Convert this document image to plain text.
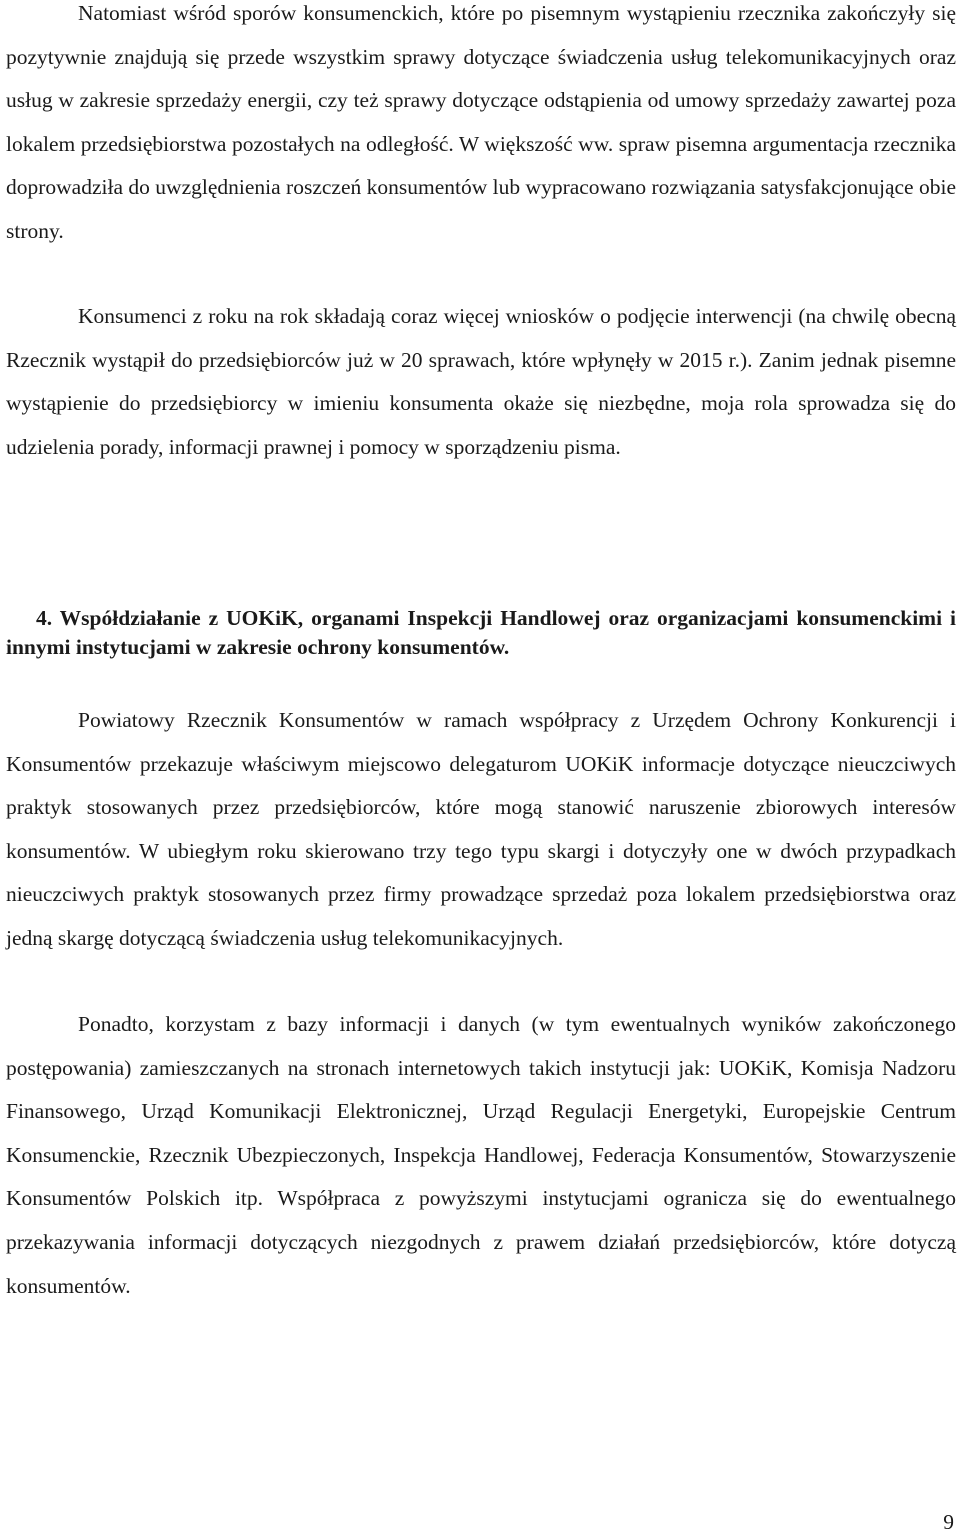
Natomiast wśród sporów konsumenckich, które po pisemnym wystąpieniu rzecznika zakończyły się pozytywnie znajdują się przede wszystkim sprawy dotyczące świadczenia usług telekomunikacyjnych oraz usług w zakresie sprzedaży energii, czy też sprawy dotyczące odstąpienia od umowy sprzedaży zawartej poza lokalem przedsiębiorstwa pozostałych na odległość. W większość ww. spraw pisemna argumentacja rzecznika doprowadziła do uwzględnienia roszczeń konsumentów lub wypracowano rozwiązania satysfakcjonujące obie strony.

Konsumenci z roku na rok składają coraz więcej wniosków o podjęcie interwencji (na chwilę obecną Rzecznik wystąpił do przedsiębiorców już w 20 sprawach, które wpłynęły w 2015 r.). Zanim jednak pisemne wystąpienie do przedsiębiorcy w imieniu konsumenta okaże się niezbędne, moja rola sprowadza się do udzielenia porady, informacji prawnej i pomocy w sporządzeniu pisma.

4. Współdziałanie z UOKiK, organami Inspekcji Handlowej oraz organizacjami konsumenckimi i innymi instytucjami w zakresie ochrony konsumentów.

Powiatowy Rzecznik Konsumentów w ramach współpracy z Urzędem Ochrony Konkurencji i Konsumentów przekazuje właściwym miejscowo delegaturom UOKiK informacje dotyczące nieuczciwych praktyk stosowanych przez przedsiębiorców, które mogą stanowić naruszenie zbiorowych interesów konsumentów. W ubiegłym roku skierowano trzy tego typu skargi i dotyczyły one w dwóch przypadkach nieuczciwych praktyk stosowanych przez firmy prowadzące sprzedaż poza lokalem przedsiębiorstwa oraz jedną skargę dotyczącą świadczenia usług telekomunikacyjnych.

Ponadto, korzystam z bazy informacji i danych (w tym ewentualnych wyników zakończonego postępowania) zamieszczanych na stronach internetowych takich instytucji jak: UOKiK, Komisja Nadzoru Finansowego, Urząd Komunikacji Elektronicznej, Urząd Regulacji Energetyki, Europejskie Centrum Konsumenckie, Rzecznik Ubezpieczonych, Inspekcja Handlowej, Federacja Konsumentów, Stowarzyszenie Konsumentów Polskich itp. Współpraca z powyższymi instytucjami ogranicza się do ewentualnego przekazywania informacji dotyczących niezgodnych z prawem działań przedsiębiorców, które dotyczą konsumentów.

9
